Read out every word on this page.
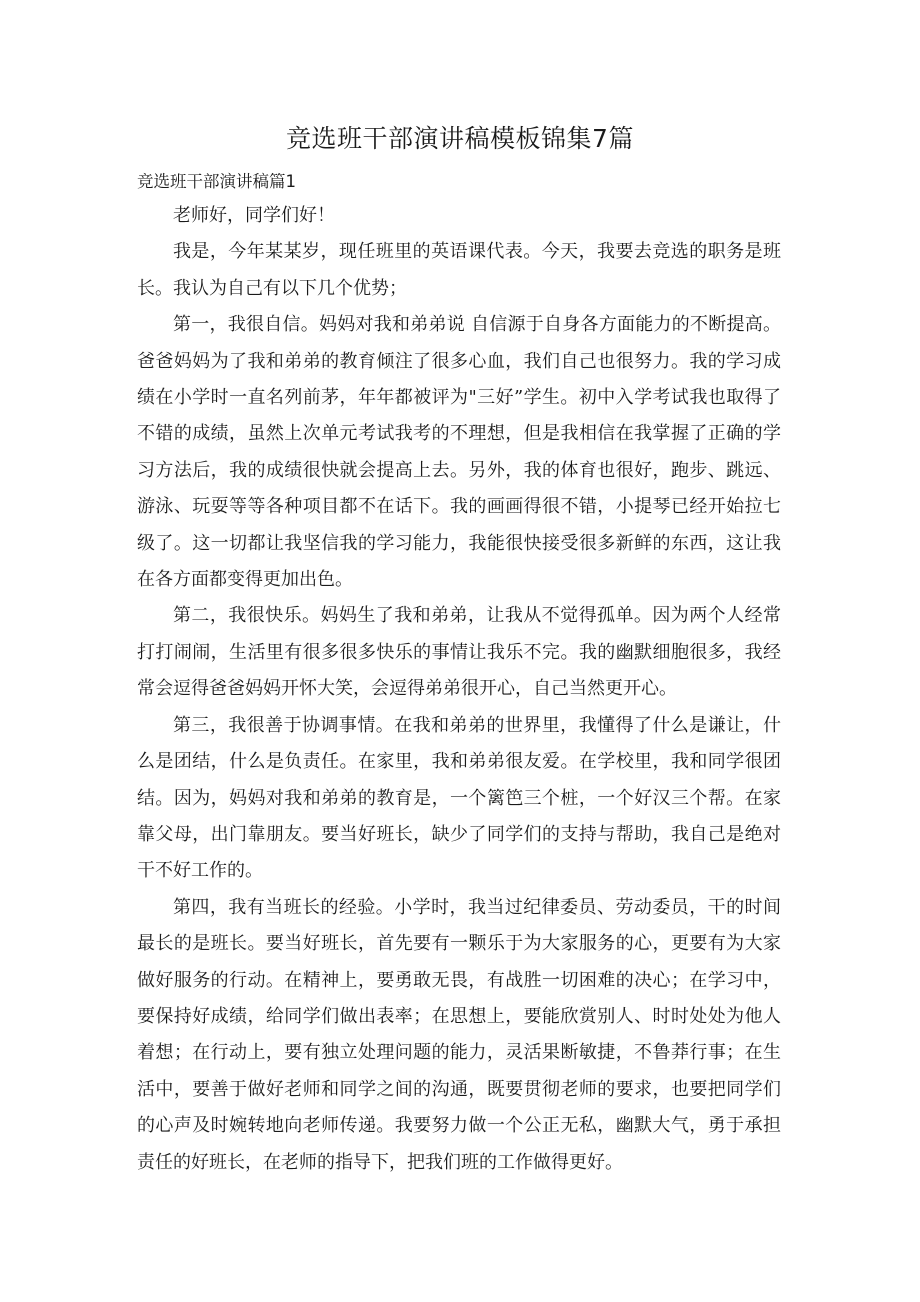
竞选班干部演讲稿模板锦集7篇
竞选班干部演讲稿篇1

老师好，同学们好！

我是，今年某某岁，现任班里的英语课代表。今天，我要去竞选的职务是班长。我认为自己有以下几个优势；

第一，我很自信。妈妈对我和弟弟说 自信源于自身各方面能力的不断提高。爸爸妈妈为了我和弟弟的教育倾注了很多心血，我们自己也很努力。我的学习成绩在小学时一直名列前茅，年年都被评为"三好”学生。初中入学考试我也取得了不错的成绩，虽然上次单元考试我考的不理想，但是我相信在我掌握了正确的学习方法后，我的成绩很快就会提高上去。另外，我的体育也很好，跑步、跳远、游泳、玩耍等等各种项目都不在话下。我的画画得很不错，小提琴已经开始拉七级了。这一切都让我坚信我的学习能力，我能很快接受很多新鲜的东西，这让我在各方面都变得更加出色。

第二，我很快乐。妈妈生了我和弟弟，让我从不觉得孤单。因为两个人经常打打闹闹，生活里有很多很多快乐的事情让我乐不完。我的幽默细胞很多，我经常会逗得爸爸妈妈开怀大笑，会逗得弟弟很开心，自己当然更开心。

第三，我很善于协调事情。在我和弟弟的世界里，我懂得了什么是谦让，什么是团结，什么是负责任。在家里，我和弟弟很友爱。在学校里，我和同学很团结。因为，妈妈对我和弟弟的教育是，一个篱笆三个桩，一个好汉三个帮。在家靠父母，出门靠朋友。要当好班长，缺少了同学们的支持与帮助，我自己是绝对干不好工作的。

第四，我有当班长的经验。小学时，我当过纪律委员、劳动委员，干的时间最长的是班长。要当好班长，首先要有一颗乐于为大家服务的心，更要有为大家做好服务的行动。在精神上，要勇敢无畏，有战胜一切困难的决心；在学习中，要保持好成绩，给同学们做出表率；在思想上，要能欣赏别人、时时处处为他人着想；在行动上，要有独立处理问题的能力，灵活果断敏捷，不鲁莽行事；在生活中，要善于做好老师和同学之间的沟通，既要贯彻老师的要求，也要把同学们的心声及时婉转地向老师传递。我要努力做一个公正无私，幽默大气，勇于承担责任的好班长，在老师的指导下，把我们班的工作做得更好。
